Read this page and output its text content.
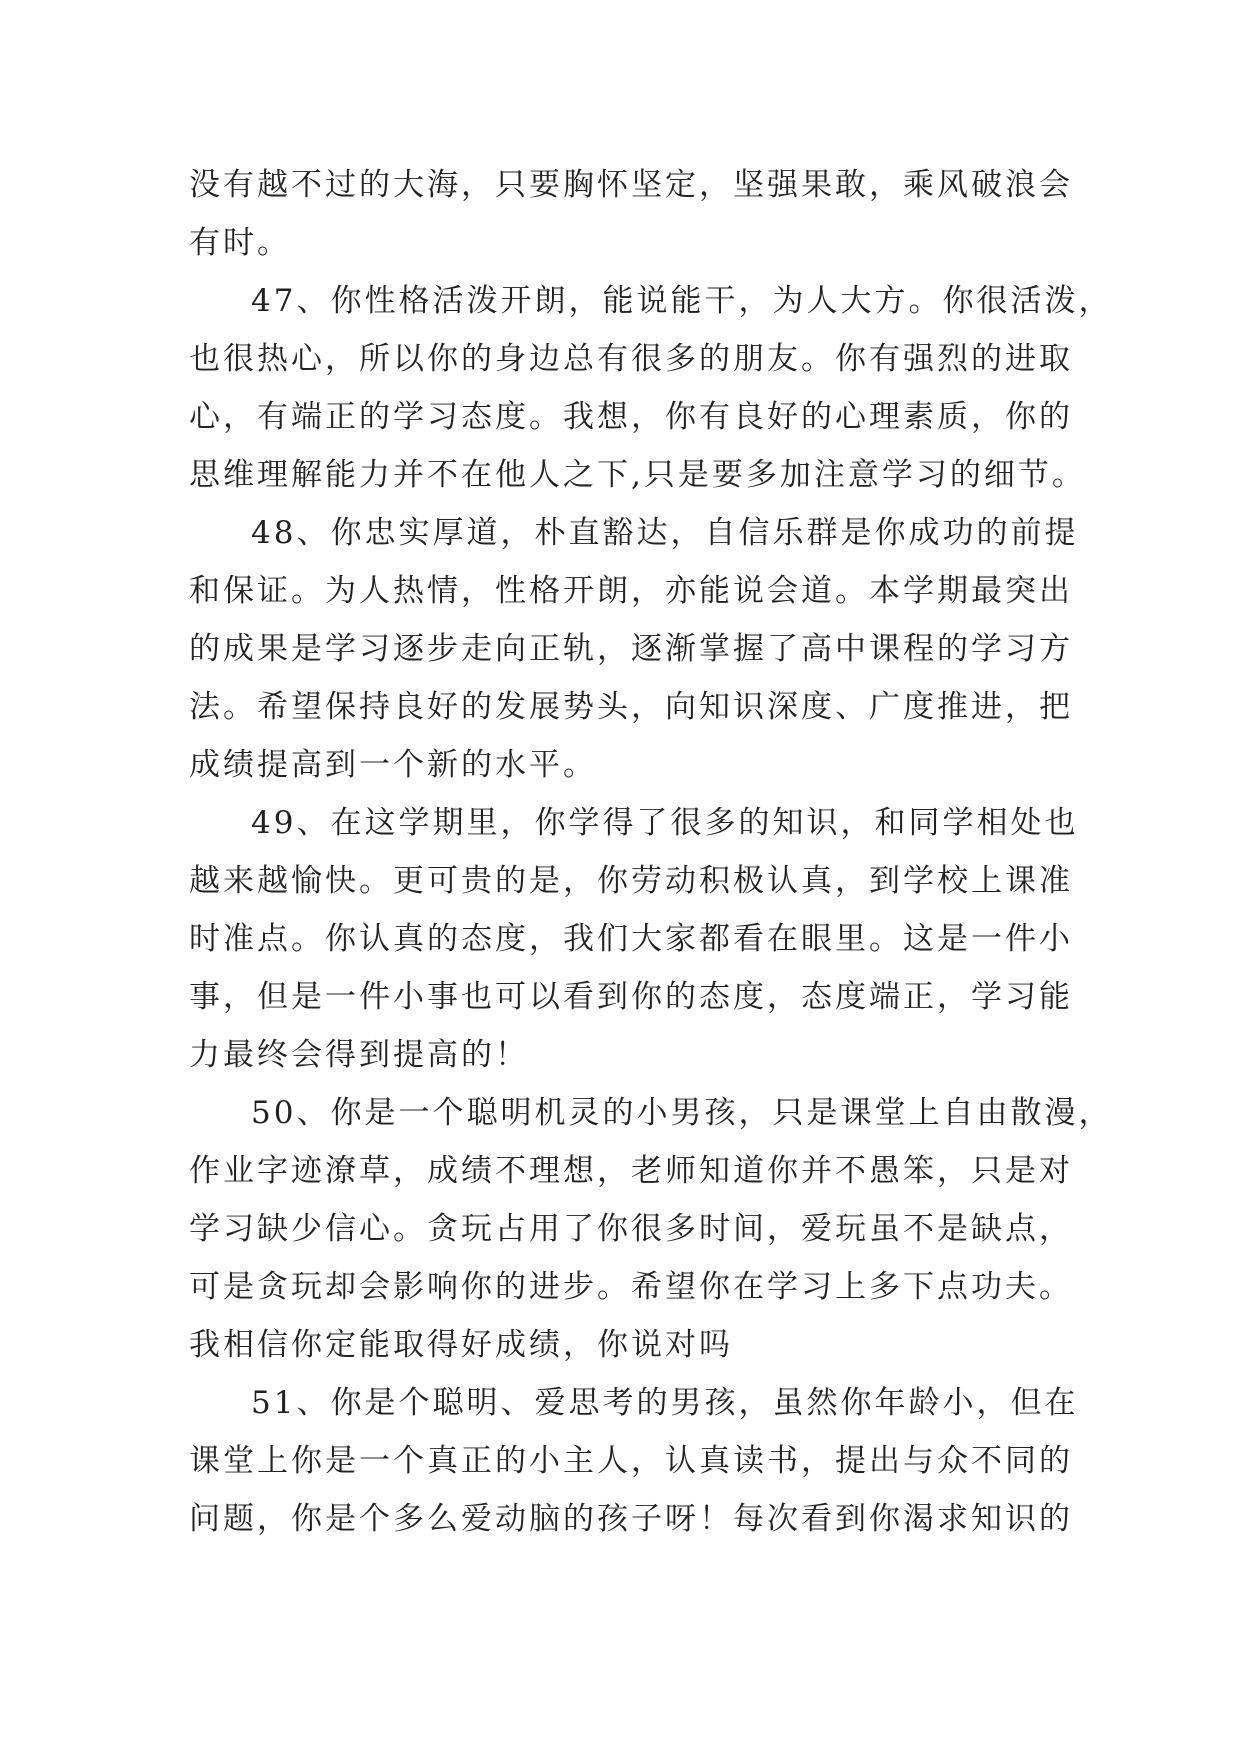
没有越不过的大海，只要胸怀坚定，坚强果敢，乘风破浪会
有时。
47、你性格活泼开朗，能说能干，为人大方。你很活泼，
也很热心，所以你的身边总有很多的朋友。你有强烈的进取
心，有端正的学习态度。我想，你有良好的心理素质，你的
思维理解能力并不在他人之下,只是要多加注意学习的细节。
48、你忠实厚道，朴直豁达，自信乐群是你成功的前提
和保证。为人热情，性格开朗，亦能说会道。本学期最突出
的成果是学习逐步走向正轨，逐渐掌握了高中课程的学习方
法。希望保持良好的发展势头，向知识深度、广度推进，把
成绩提高到一个新的水平。
49、在这学期里，你学得了很多的知识，和同学相处也
越来越愉快。更可贵的是，你劳动积极认真，到学校上课准
时准点。你认真的态度，我们大家都看在眼里。这是一件小
事，但是一件小事也可以看到你的态度，态度端正，学习能
力最终会得到提高的！
50、你是一个聪明机灵的小男孩，只是课堂上自由散漫，
作业字迹潦草，成绩不理想，老师知道你并不愚笨，只是对
学习缺少信心。贪玩占用了你很多时间，爱玩虽不是缺点，
可是贪玩却会影响你的进步。希望你在学习上多下点功夫。
我相信你定能取得好成绩，你说对吗
51、你是个聪明、爱思考的男孩，虽然你年龄小，但在
课堂上你是一个真正的小主人，认真读书，提出与众不同的
问题，你是个多么爱动脑的孩子呀！每次看到你渴求知识的
